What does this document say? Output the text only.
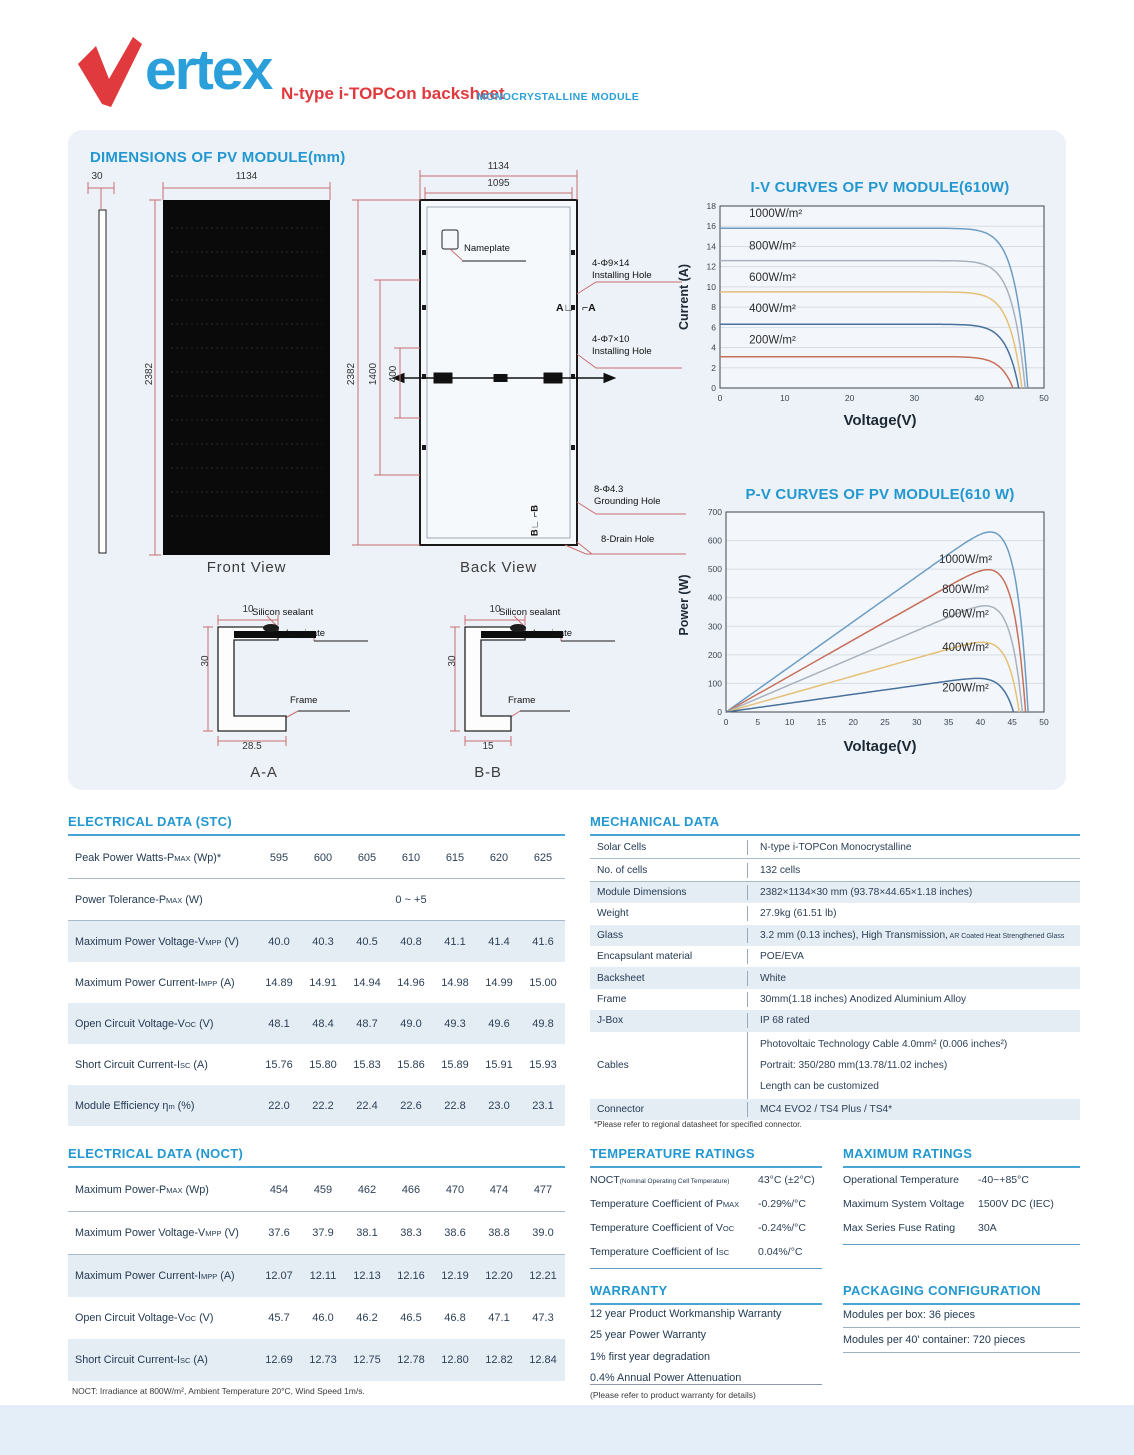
ertex N-type i-TOPCon backsheet
MONOCRYSTALLINE MODULE
DIMENSIONS OF PV MODULE(mm)
30	1134
2382
Front View
1134
1095
2382 1400 400
Nameplate
4-Φ9×14
Installing Hole
A∟ ⌐A
4-Φ7×10
Installing Hole
8-Φ4.3
Grounding Hole
8-Drain Hole
B∟ ⌐B
Back View
10
Silicon sealant
Laminate
30
Frame
28.5
A-A
10
Silicon sealant
Laminate
30
Frame
15
B-B
I-V CURVES OF PV MODULE(610W)
0
2
4
6
8
10
12
14
16
18
0	10	20	30	40	50
1000W/m²
800W/m²
600W/m²
400W/m²
200W/m²
Current (A)
Voltage(V)
P-V CURVES OF PV MODULE(610 W)
0
100
200
300
400
500
600
700
0	5	10	15	20	25	30	35	40	45	50
1000W/m²
800W/m²
600W/m²
400W/m²
200W/m²
Power (W)
Voltage(V)
ELECTRICAL DATA (STC)
Peak Power Watts-PMAX (Wp)*	595	600	605	610	615	620	625
Power Tolerance-PMAX (W)	0 ~ +5
Maximum Power Voltage-VMPP (V)	40.0	40.3	40.5	40.8	41.1	41.4	41.6
Maximum Power Current-IMPP (A)	14.89	14.91	14.94	14.96	14.98	14.99	15.00
Open Circuit Voltage-VOC (V)	48.1	48.4	48.7	49.0	49.3	49.6	49.8
Short Circuit Current-ISC (A)	15.76	15.80	15.83	15.86	15.89	15.91	15.93
Module Efficiency ηm (%)	22.0	22.2	22.4	22.6	22.8	23.0	23.1
ELECTRICAL DATA (NOCT)
Maximum Power-PMAX (Wp)	454	459	462	466	470	474	477
Maximum Power Voltage-VMPP (V)	37.6	37.9	38.1	38.3	38.6	38.8	39.0
Maximum Power Current-IMPP (A)	12.07	12.11	12.13	12.16	12.19	12.20	12.21
Open Circuit Voltage-VOC (V)	45.7	46.0	46.2	46.5	46.8	47.1	47.3
Short Circuit Current-ISC (A)	12.69	12.73	12.75	12.78	12.80	12.82	12.84
NOCT: Irradiance at 800W/m², Ambient Temperature 20°C, Wind Speed 1m/s.
MECHANICAL DATA
Solar Cells	N-type i-TOPCon Monocrystalline
No. of cells	132 cells
Module Dimensions	2382×1134×30 mm (93.78×44.65×1.18 inches)
Weight	27.9kg (61.51 lb)
Glass	3.2 mm (0.13 inches), High Transmission, AR Coated Heat Strengthened Glass
Encapsulant material	POE/EVA
Backsheet	White
Frame	30mm(1.18 inches) Anodized Aluminium Alloy
J-Box	IP 68 rated
Cables
Photovoltaic Technology Cable 4.0mm² (0.006 inches²)
Portrait: 350/280 mm(13.78/11.02 inches)
Length can be customized
Connector	MC4 EVO2 / TS4 Plus / TS4*
*Please refer to regional datasheet for specified connector.
TEMPERATURE RATINGS
NOCT(Nominal Operating Cell Temperature)	43°C (±2°C)
Temperature Coefficient of PMAX	-0.29%/°C
Temperature Coefficient of VOC	-0.24%/°C
Temperature Coefficient of ISC	0.04%/°C
MAXIMUM RATINGS
Operational Temperature	-40~+85°C
Maximum System Voltage	1500V DC (IEC)
Max Series Fuse Rating	30A
WARRANTY
12 year Product Workmanship Warranty
25 year Power Warranty
1% first year degradation
0.4% Annual Power Attenuation
(Please refer to product warranty for details)
PACKAGING CONFIGURATION
Modules per box: 36 pieces
Modules per 40' container: 720 pieces
